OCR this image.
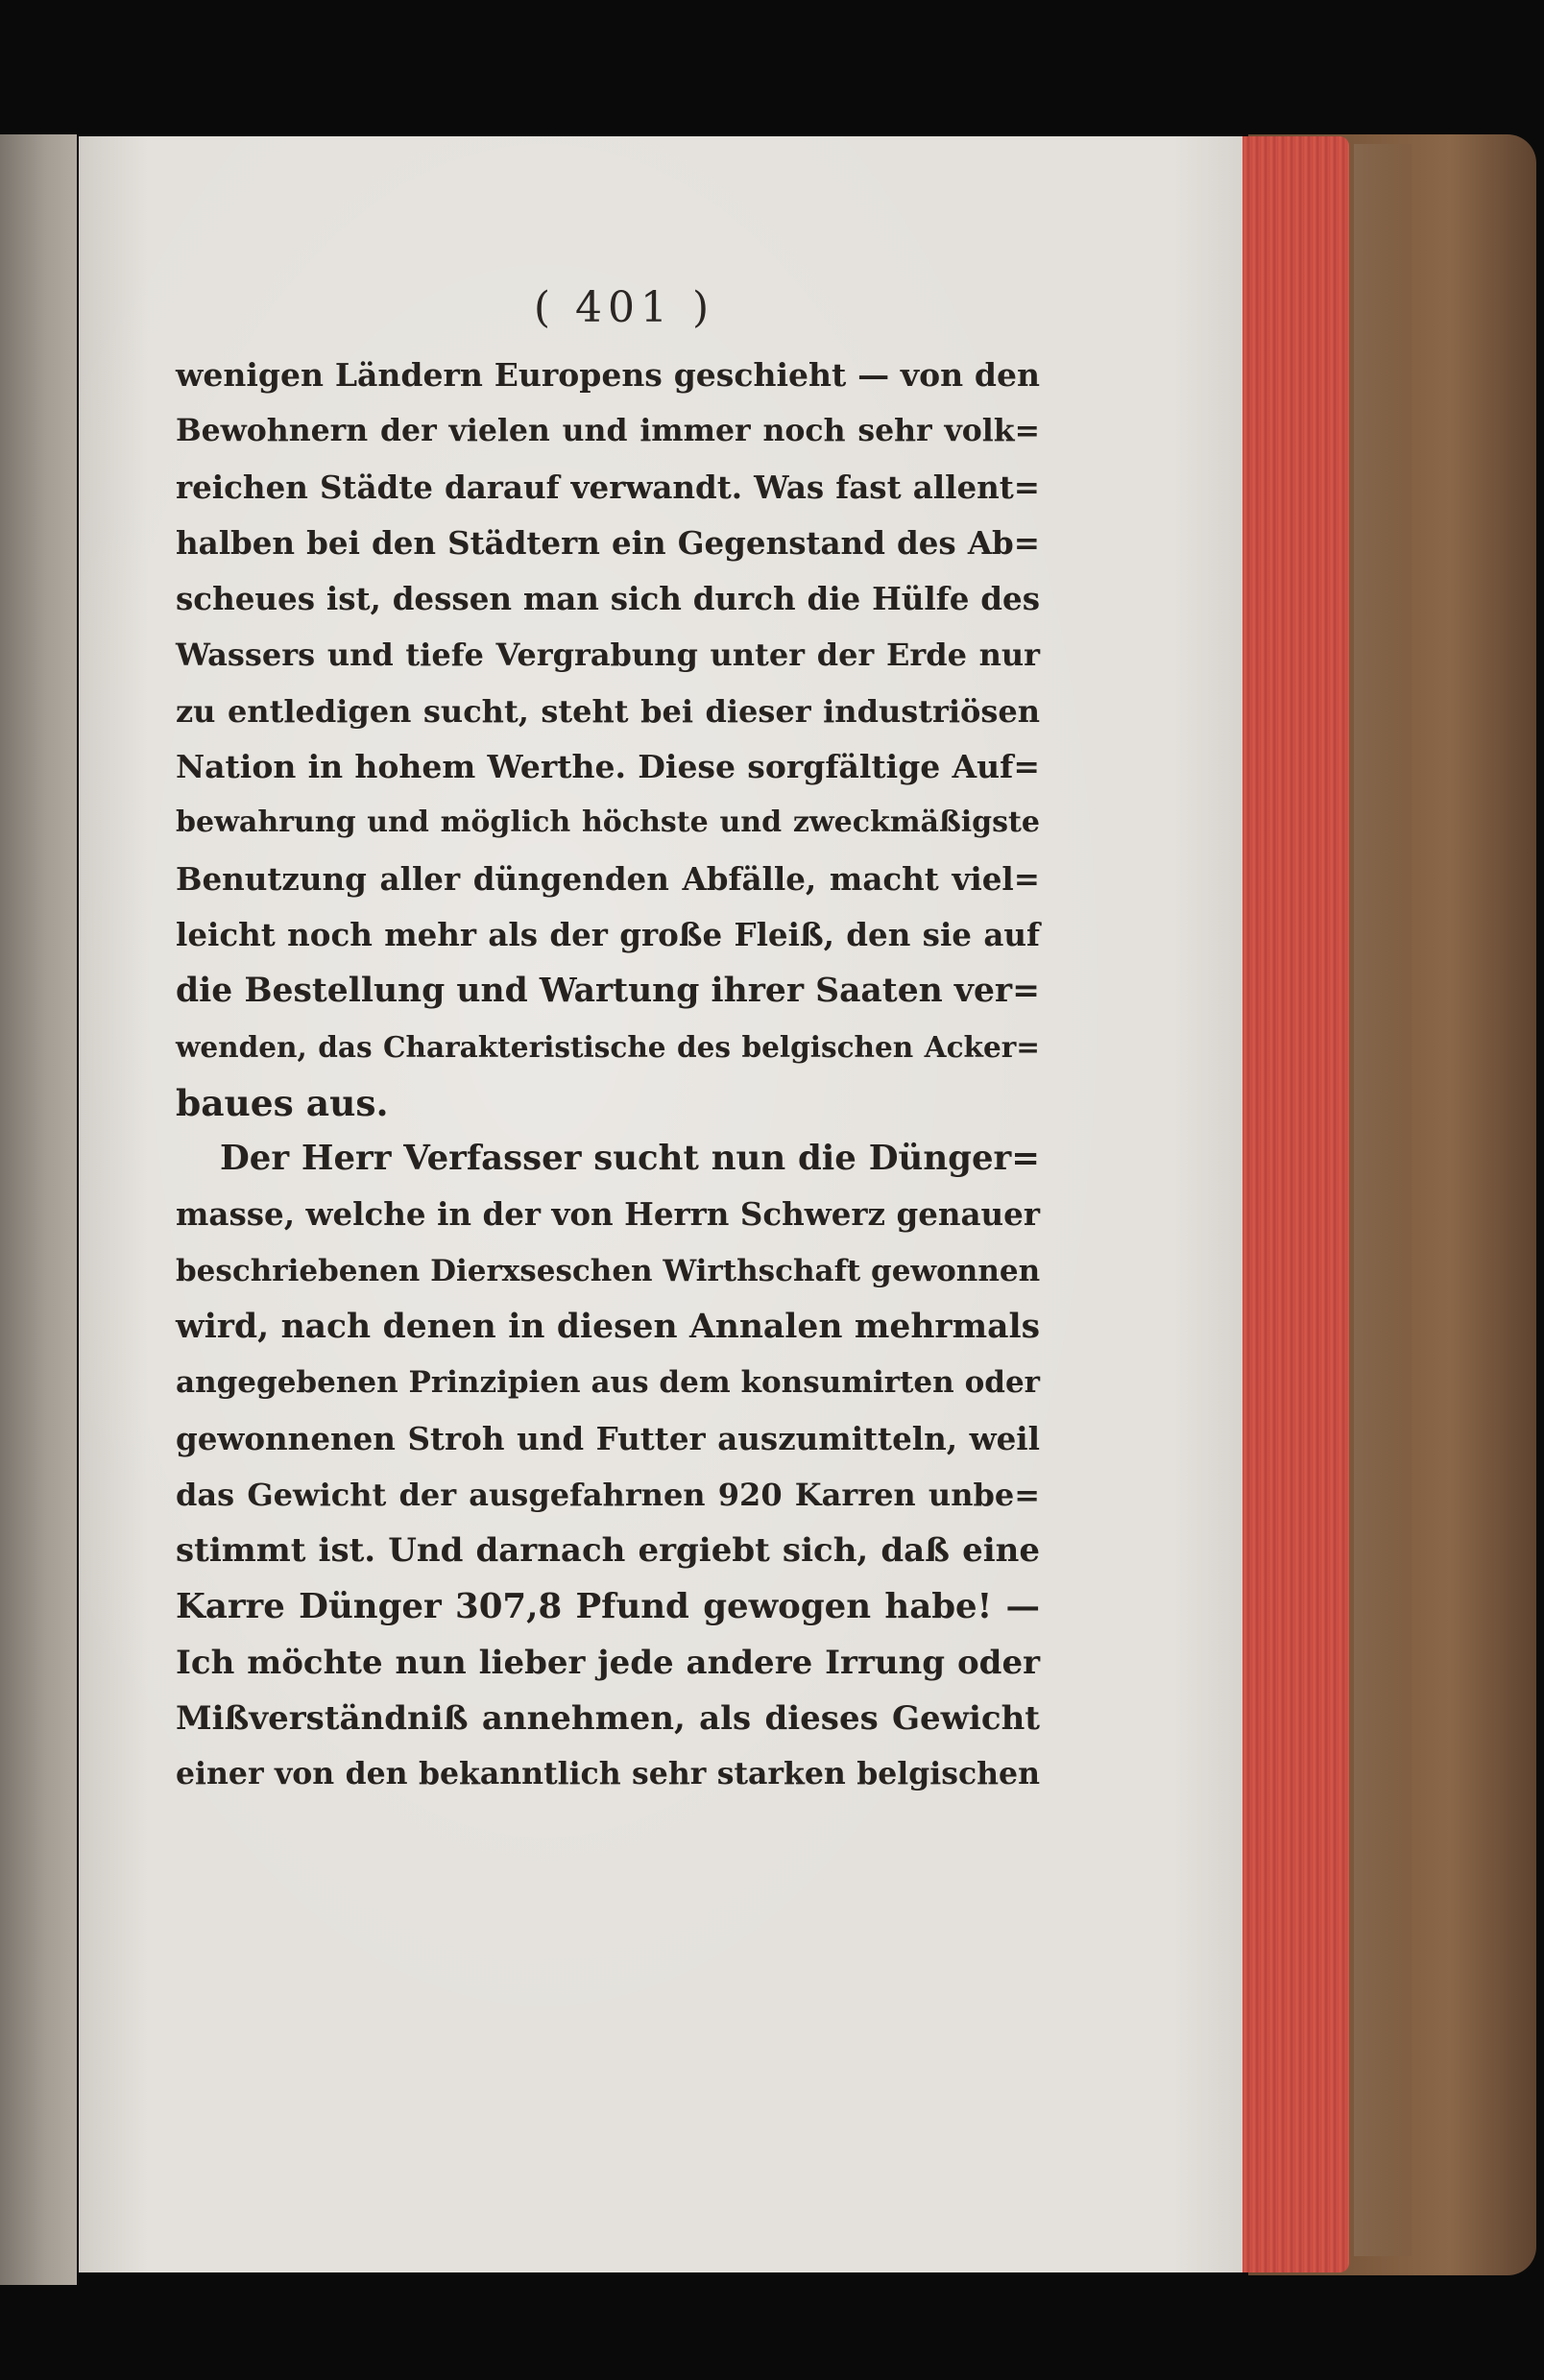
( 401 )
wenigen Ländern Europens geschieht — von den
Bewohnern der vielen und immer noch sehr volk=
reichen Städte darauf verwandt. Was fast allent=
halben bei den Städtern ein Gegenstand des Ab=
scheues ist, dessen man sich durch die Hülfe des
Wassers und tiefe Vergrabung unter der Erde nur
zu entledigen sucht, steht bei dieser industriösen
Nation in hohem Werthe. Diese sorgfältige Auf=
bewahrung und möglich höchste und zweckmäßigste
Benutzung aller düngenden Abfälle, macht viel=
leicht noch mehr als der große Fleiß, den sie auf
die Bestellung und Wartung ihrer Saaten ver=
wenden, das Charakteristische des belgischen Acker=
baues aus.
Der Herr Verfasser sucht nun die Dünger=
masse, welche in der von Herrn Schwerz genauer
beschriebenen Dierxseschen Wirthschaft gewonnen
wird, nach denen in diesen Annalen mehrmals
angegebenen Prinzipien aus dem konsumirten oder
gewonnenen Stroh und Futter auszumitteln, weil
das Gewicht der ausgefahrnen 920 Karren unbe=
stimmt ist. Und darnach ergiebt sich, daß eine
Karre Dünger 307,8 Pfund gewogen habe! —
Ich möchte nun lieber jede andere Irrung oder
Mißverständniß annehmen, als dieses Gewicht
einer von den bekanntlich sehr starken belgischen
